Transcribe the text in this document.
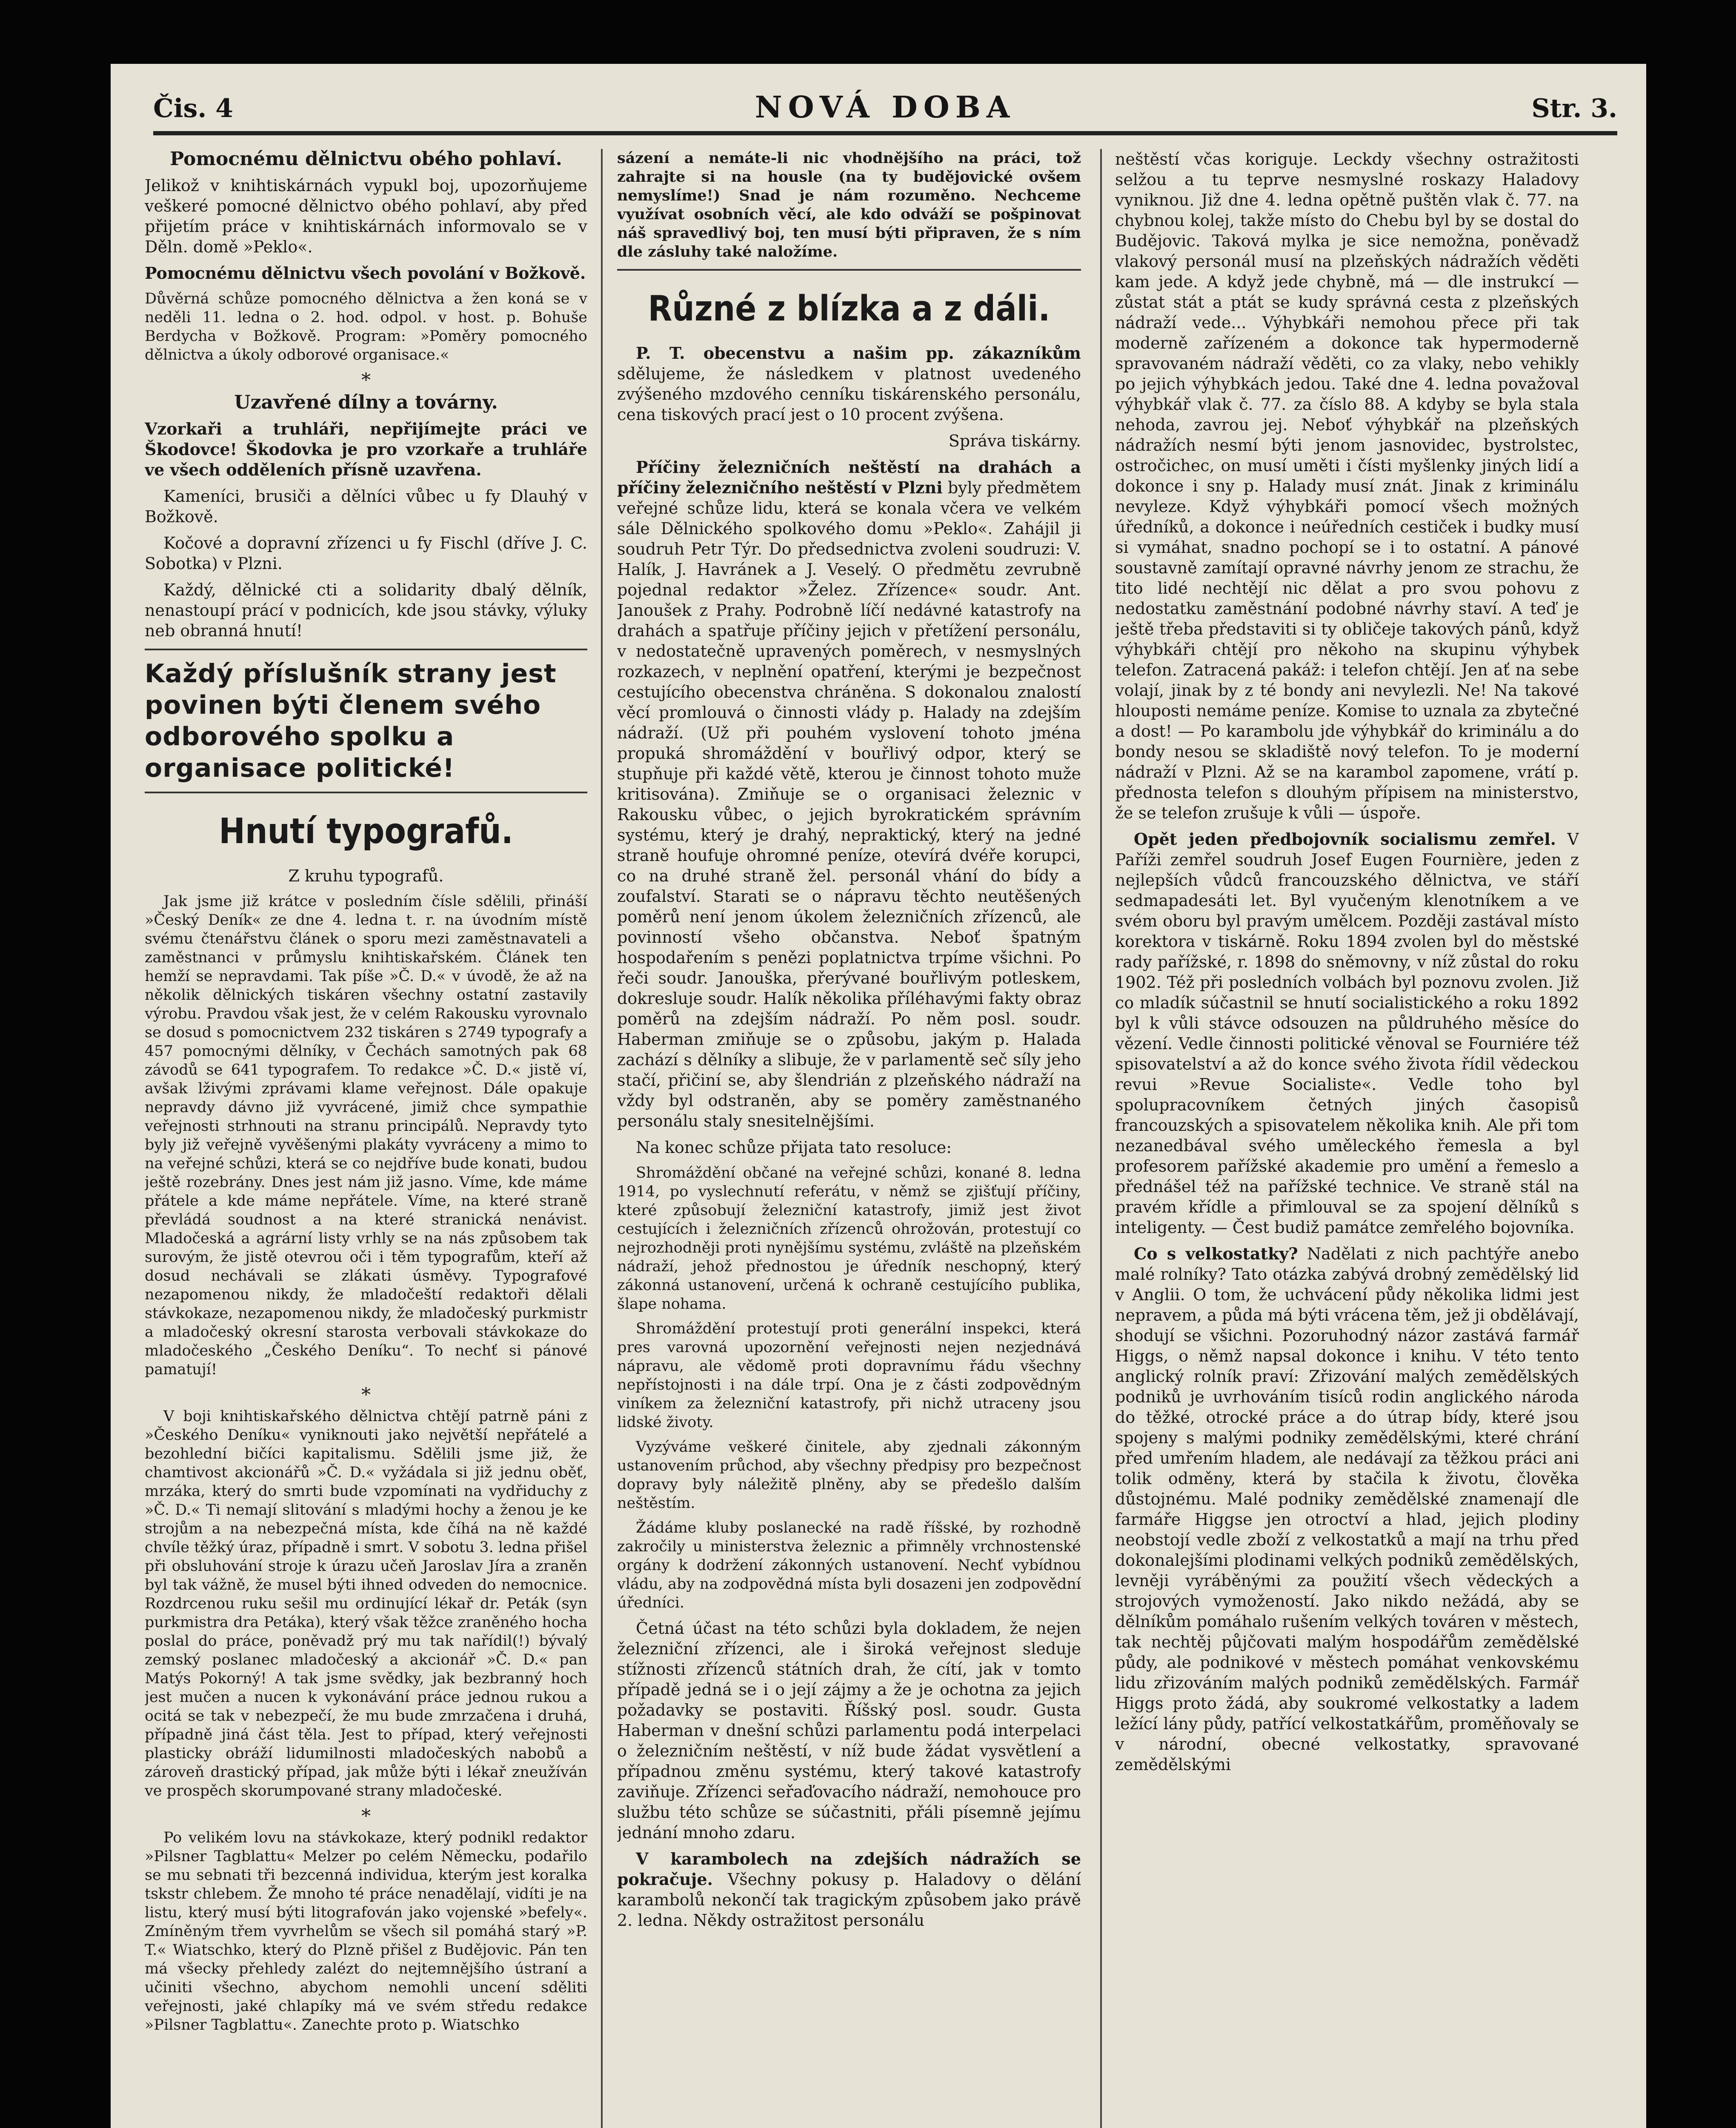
Čis. 4	NOVÁ DOBA	Str. 3.

Pomocnému dělnictvu obého pohlaví.

Jelikož v knihtiskárnách vypukl boj, upozorňujeme veškeré pomocné dělnictvo obého pohlaví, aby před přijetím práce v knihtiskárnách informovalo se v Děln. domě »Peklo«.

Pomocnému dělnictvu všech povolání v Božkově.

Důvěrná schůze pomocného dělnictva a žen koná se v neděli 11. ledna o 2. hod. odpol. v host. p. Bohuše Berdycha v Božkově. Program: »Poměry pomocného dělnictva a úkoly odborové organisace.«

*

Uzavřené dílny a továrny.

Vzorkaři a truhláři, nepřijímejte práci ve Škodovce! Škodovka je pro vzorkaře a truhláře ve všech odděleních přísně uzavřena.

Kameníci, brusiči a dělníci vůbec u fy Dlauhý v Božkově.

Kočové a dopravní zřízenci u fy Fischl (dříve J. C. Sobotka) v Plzni.

Každý, dělnické cti a solidarity dbalý dělník, nenastoupí prácí v podnicích, kde jsou stávky, výluky neb obranná hnutí!

Každý příslušník strany jest povinen býti členem svého odborového spolku a organisace politické!

Hnutí typografů.

Z kruhu typografů.

Jak jsme již krátce v posledním čísle sdělili, přináší »Český Deník« ze dne 4. ledna t. r. na úvodním místě svému čtenářstvu článek o sporu mezi zaměstnavateli a zaměstnanci v průmyslu knihtiskařském. Článek ten hemží se nepravdami. Tak píše »Č. D.« v úvodě, že až na několik dělnických tiskáren všechny ostatní zastavily výrobu. Pravdou však jest, že v celém Rakousku vyrovnalo se dosud s pomocnictvem 232 tiskáren s 2749 typografy a 457 pomocnými dělníky, v Čechách samotných pak 68 závodů se 641 typografem. To redakce »Č. D.« jistě ví, avšak lživými zprávami klame veřejnost. Dále opakuje nepravdy dávno již vyvrácené, jimiž chce sympathie veřejnosti strhnouti na stranu principálů. Nepravdy tyto byly již veřejně vyvěšenými plakáty vyvráceny a mimo to na veřejné schůzi, která se co nejdříve bude konati, budou ještě rozebrány. Dnes jest nám již jasno. Víme, kde máme přátele a kde máme nepřátele. Víme, na které straně převládá soudnost a na které stranická nenávist. Mladočeská a agrární listy vrhly se na nás způsobem tak surovým, že jistě otevrou oči i těm typografům, kteří až dosud nechávali se zlákati úsměvy. Typografové nezapomenou nikdy, že mladočeští redaktoři dělali stávkokaze, nezapomenou nikdy, že mladočeský purkmistr a mladočeský okresní starosta verbovali stávkokaze do mladočeského „Českého Deníku“. To nechť si pánové pamatují!

*

V boji knihtiskařského dělnictva chtějí patrně páni z »Českého Deníku« vyniknouti jako největší nepřátelé a bezohlední bičíci kapitalismu. Sdělili jsme již, že chamtivost akcionářů »Č. D.« vyžádala si již jednu oběť, mrzáka, který do smrti bude vzpomínati na vydřiduchy z »Č. D.« Ti nemají slitování s mladými hochy a ženou je ke strojům a na nebezpečná místa, kde číhá na ně každé chvíle těžký úraz, případně i smrt. V sobotu 3. ledna přišel při obsluhování stroje k úrazu učeň Jaroslav Jíra a zraněn byl tak vážně, že musel býti ihned odveden do nemocnice. Rozdrcenou ruku sešil mu ordinující lékař dr. Peták (syn purkmistra dra Petáka), který však těžce zraněného hocha poslal do práce, poněvadž prý mu tak nařídil(!) bývalý zemský poslanec mladočeský a akcionář »Č. D.« pan Matýs Pokorný! A tak jsme svědky, jak bezbranný hoch jest mučen a nucen k vykonávání práce jednou rukou a ocitá se tak v nebezpečí, že mu bude zmrzačena i druhá, případně jiná část těla. Jest to případ, který veřejnosti plasticky obráží lidumilnosti mladočeských nabobů a zároveň drastický případ, jak může býti i lékař zneužíván ve prospěch skorumpované strany mladočeské.

*

Po velikém lovu na stávkokaze, který podnikl redaktor »Pilsner Tagblattu« Melzer po celém Německu, podařilo se mu sebnati tři bezcenná individua, kterým jest koralka tskstr chlebem. Že mnoho té práce nenadělají, vidíti je na listu, který musí býti litografován jako vojenské »befely«. Zmíněným třem vyvrhelům se všech sil pomáhá starý »P. T.« Wiatschko, který do Plzně přišel z Budějovic. Pán ten má všecky přehledy zalézt do nejtemnějšího ústraní a učiniti všechno, abychom nemohli uncení sděliti veřejnosti, jaké chlapíky má ve svém středu redakce »Pilsner Tagblattu«. Zanechte proto p. Wiatschko

sázení a nemáte-li nic vhodnějšího na práci, tož zahrajte si na housle (na ty budějovické ovšem nemyslíme!) Snad je nám rozuměno. Nechceme využívat osobních věcí, ale kdo odváží se pošpinovat náš spravedlivý boj, ten musí býti připraven, že s ním dle zásluhy také naložíme.

Různé z blízka a z dáli.

P. T. obecenstvu a našim pp. zákazníkům sdělujeme, že následkem v platnost uvedeného zvýšeného mzdového cenníku tiskárenského personálu, cena tiskových prací jest o 10 procent zvýšena.

Správa tiskárny.

Příčiny železničních neštěstí na drahách a příčiny železničního neštěstí v Plzni byly předmětem veřejné schůze lidu, která se konala včera ve velkém sále Dělnického spolkového domu »Peklo«. Zahájil ji soudruh Petr Týr. Do předsednictva zvoleni soudruzi: V. Halík, J. Havránek a J. Veselý. O předmětu zevrubně pojednal redaktor »Želez. Zřízence« soudr. Ant. Janoušek z Prahy. Podrobně líčí nedávné katastrofy na drahách a spatřuje příčiny jejich v přetížení personálu, v nedostatečně upravených poměrech, v nesmyslných rozkazech, v neplnění opatření, kterými je bezpečnost cestujícího obecenstva chráněna. S dokonalou znalostí věcí promlouvá o činnosti vlády p. Halady na zdejším nádraží. (Už při pouhém vyslovení tohoto jména propuká shromáždění v bouřlivý odpor, který se stupňuje při každé větě, kterou je činnost tohoto muže kritisována). Zmiňuje se o organisaci železnic v Rakousku vůbec, o jejich byrokratickém správním systému, který je drahý, nepraktický, který na jedné straně houfuje ohromné peníze, otevírá dvéře korupci, co na druhé straně žel. personál vhání do bídy a zoufalství. Starati se o nápravu těchto neutěšených poměrů není jenom úkolem železničních zřízenců, ale povinností všeho občanstva. Neboť špatným hospodařením s penězi poplatnictva trpíme všichni. Po řeči soudr. Janouška, přerývané bouřlivým potleskem, dokresluje soudr. Halík několika příléhavými fakty obraz poměrů na zdejším nádraží. Po něm posl. soudr. Haberman zmiňuje se o způsobu, jakým p. Halada zachází s dělníky a slibuje, že v parlamentě seč síly jeho stačí, přičiní se, aby šlendrián z plzeňského nádraží na vždy byl odstraněn, aby se poměry zaměstnaného personálu staly snesitelnějšími.

Na konec schůze přijata tato resoluce:

Shromáždění občané na veřejné schůzi, konané 8. ledna 1914, po vyslechnutí referátu, v němž se zjišťují příčiny, které způsobují železniční katastrofy, jimiž jest život cestujících i železničních zřízenců ohrožován, protestují co nejrozhodněji proti nynějšímu systému, zvláště na plzeňském nádraží, jehož přednostou je úředník neschopný, který zákonná ustanovení, určená k ochraně cestujícího publika, šlape nohama.

Shromáždění protestují proti generální inspekci, která pres varovná upozornění veřejnosti nejen nezjednává nápravu, ale vědomě proti dopravnímu řádu všechny nepřístojnosti i na dále trpí. Ona je z části zodpovědným viníkem za železniční katastrofy, při nichž utraceny jsou lidské životy.

Vyzýváme veškeré činitele, aby zjednali zákonným ustanovením průchod, aby všechny předpisy pro bezpečnost dopravy byly náležitě plněny, aby se předešlo dalším neštěstím.

Žádáme kluby poslanecké na radě říšské, by rozhodně zakročily u ministerstva železnic a přimněly vrchnostenské orgány k dodržení zákonných ustanovení. Nechť vybídnou vládu, aby na zodpovědná místa byli dosazeni jen zodpovědní úředníci.

Četná účast na této schůzi byla dokladem, že nejen železniční zřízenci, ale i široká veřejnost sleduje stížnosti zřízenců státních drah, že cítí, jak v tomto případě jedná se i o její zájmy a že je ochotna za jejich požadavky se postaviti. Říšský posl. soudr. Gusta Haberman v dnešní schůzi parlamentu podá interpelaci o železničním neštěstí, v níž bude žádat vysvětlení a případnou změnu systému, který takové katastrofy zaviňuje. Zřízenci seřaďovacího nádraží, nemohouce pro službu této schůze se súčastniti, přáli písemně jejímu jednání mnoho zdaru.

V karambolech na zdejších nádražích se pokračuje. Všechny pokusy p. Haladovy o dělání karambolů nekončí tak tragickým způsobem jako právě 2. ledna. Někdy ostražitost personálu

neštěstí včas koriguje. Leckdy všechny ostražitosti selžou a tu teprve nesmyslné roskazy Haladovy vyniknou. Již dne 4. ledna opětně puštěn vlak č. 77. na chybnou kolej, takže místo do Chebu byl by se dostal do Budějovic. Taková mylka je sice nemožna, poněvadž vlakový personál musí na plzeňských nádražích věděti kam jede. A když jede chybně, má — dle instrukcí — zůstat stát a ptát se kudy správná cesta z plzeňských nádraží vede... Výhybkáři nemohou přece při tak moderně zařízeném a dokonce tak hypermoderně spravovaném nádraží věděti, co za vlaky, nebo vehikly po jejich výhybkách jedou. Také dne 4. ledna považoval výhybkář vlak č. 77. za číslo 88. A kdyby se byla stala nehoda, zavrou jej. Neboť výhybkář na plzeňských nádražích nesmí býti jenom jasnovidec, bystrolstec, ostročichec, on musí uměti i čísti myšlenky jiných lidí a dokonce i sny p. Halady musí znát. Jinak z kriminálu nevyleze. Když výhybkáři pomocí všech možných úředníků, a dokonce i neúředních cestiček i budky musí si vymáhat, snadno pochopí se i to ostatní. A pánové soustavně zamítají opravné návrhy jenom ze strachu, že tito lidé nechtějí nic dělat a pro svou pohovu z nedostatku zaměstnání podobné návrhy staví. A teď je ještě třeba představiti si ty obličeje takových pánů, když výhybkáři chtějí pro někoho na skupinu výhybek telefon. Zatracená pakáž: i telefon chtějí. Jen ať na sebe volají, jinak by z té bondy ani nevylezli. Ne! Na takové hlouposti nemáme peníze. Komise to uznala za zbytečné a dost! — Po karambolu jde výhybkář do kriminálu a do bondy nesou se skladiště nový telefon. To je moderní nádraží v Plzni. Až se na karambol zapomene, vrátí p. přednosta telefon s dlouhým přípisem na ministerstvo, že se telefon zrušuje k vůli — úspoře.

Opět jeden předbojovník socialismu zemřel. V Paříži zemřel soudruh Josef Eugen Fournière, jeden z nejlepších vůdců francouzského dělnictva, ve stáří sedmapadesáti let. Byl vyučeným klenotníkem a ve svém oboru byl pravým umělcem. Později zastával místo korektora v tiskárně. Roku 1894 zvolen byl do městské rady pařížské, r. 1898 do sněmovny, v níž zůstal do roku 1902. Též při posledních volbách byl poznovu zvolen. Již co mladík súčastnil se hnutí socialistického a roku 1892 byl k vůli stávce odsouzen na půldruhého měsíce do vězení. Vedle činnosti politické věnoval se Fourniére též spisovatelství a až do konce svého života řídil vědeckou revui »Revue Socialiste«. Vedle toho byl spolupracovníkem četných jiných časopisů francouzských a spisovatelem několika knih. Ale při tom nezanedbával svého uměleckého řemesla a byl profesorem pařížské akademie pro umění a řemeslo a přednášel též na pařížské technice. Ve straně stál na pravém křídle a přimlouval se za spojení dělníků s inteligenty. — Čest budiž památce zemřelého bojovníka.

Co s velkostatky? Nadělati z nich pachtýře anebo malé rolníky? Tato otázka zabývá drobný zemědělský lid v Anglii. O tom, že uchvácení půdy několika lidmi jest nepravem, a půda má býti vrácena těm, jež ji obdělávají, shodují se všichni. Pozoruhodný názor zastává farmář Higgs, o němž napsal dokonce i knihu. V této tento anglický rolník praví: Zřizování malých zemědělských podniků je uvrhováním tisíců rodin anglického národa do těžké, otrocké práce a do útrap bídy, které jsou spojeny s malými podniky zemědělskými, které chrání před umřením hladem, ale nedávají za těžkou práci ani tolik odměny, která by stačila k životu, člověka důstojnému. Malé podniky zemědělské znamenají dle farmáře Higgse jen otroctví a hlad, jejich plodiny neobstojí vedle zboží z velkostatků a mají na trhu před dokonalejšími plodinami velkých podniků zemědělských, levněji vyráběnými za použití všech vědeckých a strojových vymožeností. Jako nikdo nežádá, aby se dělníkům pomáhalo rušením velkých továren v městech, tak nechtěj půjčovati malým hospodářům zemědělské půdy, ale podnikové v městech pomáhat venkovskému lidu zřizováním malých podniků zemědělských. Farmář Higgs proto žádá, aby soukromé velkostatky a ladem ležící lány půdy, patřící velkostatkářům, proměňovaly se v národní, obecné velkostatky, spravované zemědělskými
